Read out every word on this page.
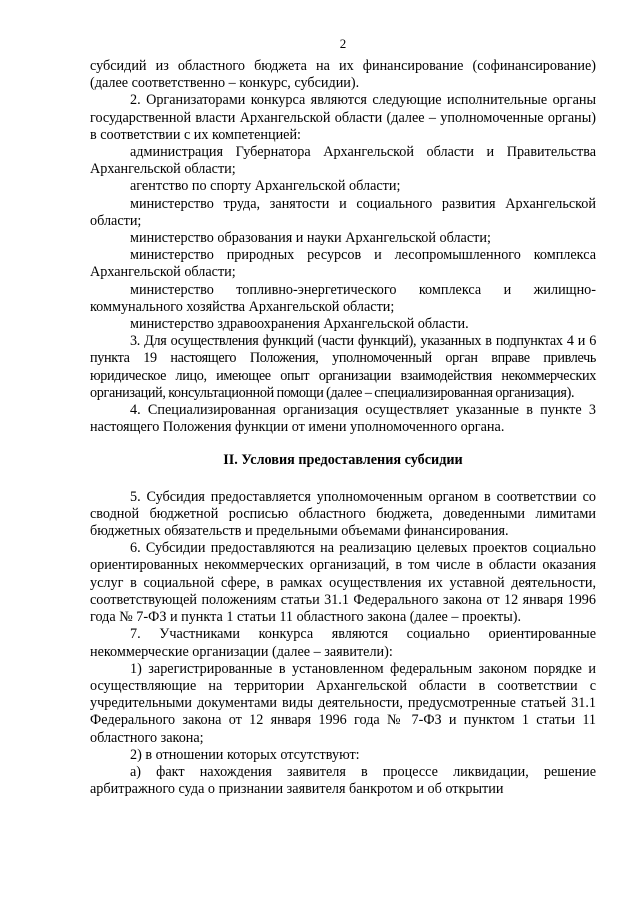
2

субсидий из областного бюджета на их финансирование (софинансирование) (далее соответственно – конкурс, субсидии).

2. Организаторами конкурса являются следующие исполнительные органы государственной власти Архангельской области (далее – уполномоченные органы) в соответствии с их компетенцией:

администрация Губернатора Архангельской области и Правительства Архангельской области;

агентство по спорту Архангельской области;

министерство труда, занятости и социального развития Архангельской области;

министерство образования и науки Архангельской области;

министерство природных ресурсов и лесопромышленного комплекса Архангельской области;

министерство топливно-энергетического комплекса и жилищно-коммунального хозяйства Архангельской области;

министерство здравоохранения Архангельской области.

3. Для осуществления функций (части функций), указанных в подпунктах 4 и 6 пункта 19 настоящего Положения, уполномоченный орган вправе привлечь юридическое лицо, имеющее опыт организации взаимодействия некоммерческих организаций, консультационной помощи (далее – специализированная организация).

4. Специализированная организация осуществляет указанные в пункте 3 настоящего Положения функции от имени уполномоченного органа.

II. Условия предоставления субсидии

5. Субсидия предоставляется уполномоченным органом в соответствии со сводной бюджетной росписью областного бюджета, доведенными лимитами бюджетных обязательств и предельными объемами финансирования.

6. Субсидии предоставляются на реализацию целевых проектов социально ориентированных некоммерческих организаций, в том числе в области оказания услуг в социальной сфере, в рамках осуществления их уставной деятельности, соответствующей положениям статьи 31.1 Федерального закона от 12 января 1996 года № 7-ФЗ и пункта 1 статьи 11 областного закона (далее – проекты).

7. Участниками конкурса являются социально ориентированные некоммерческие организации (далее – заявители):

1) зарегистрированные в установленном федеральным законом порядке и осуществляющие на территории Архангельской области в соответствии с учредительными документами виды деятельности, предусмотренные статьей 31.1 Федерального закона от 12 января 1996 года № 7-ФЗ и пунктом 1 статьи 11 областного закона;

2) в отношении которых отсутствуют:

а) факт нахождения заявителя в процессе ликвидации, решение арбитражного суда о признании заявителя банкротом и об открытии
